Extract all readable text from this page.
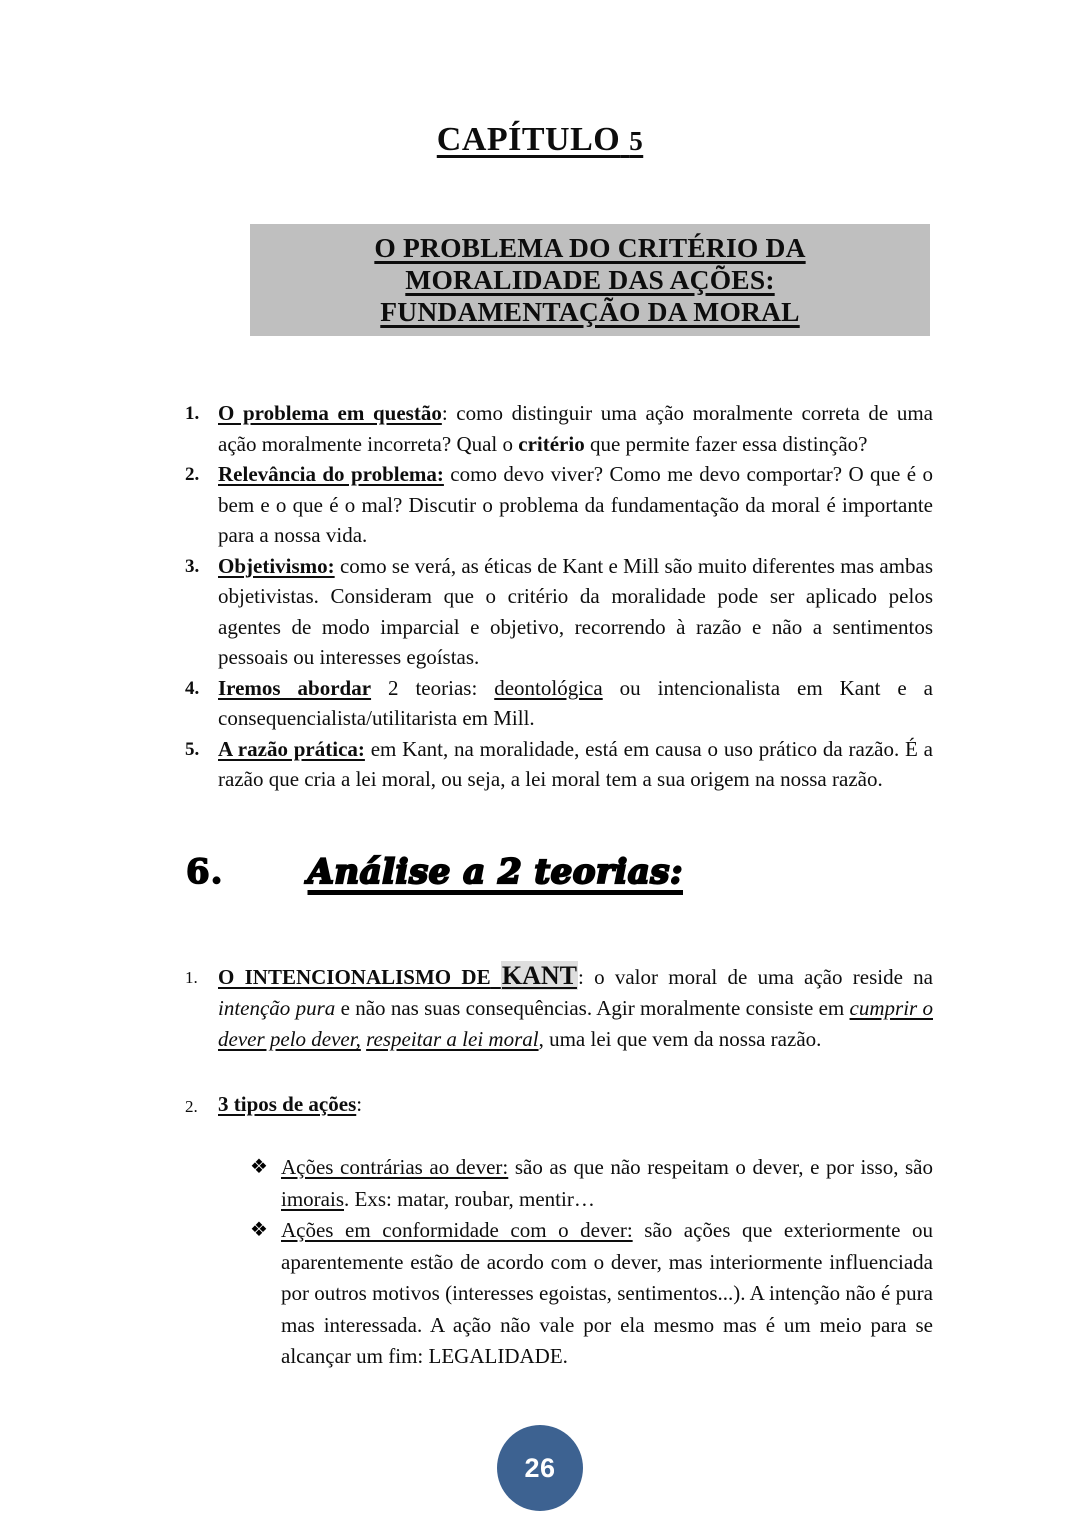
CAPÍTULO 5
O PROBLEMA DO CRITÉRIO DA
MORALIDADE DAS AÇÕES:
FUNDAMENTAÇÃO DA MORAL
1. O problema em questão: como distinguir uma ação moralmente correta de uma ação moralmente incorreta? Qual o critério que permite fazer essa distinção?
2. Relevância do problema: como devo viver? Como me devo comportar? O que é o bem e o que é o mal? Discutir o problema da fundamentação da moral é importante para a nossa vida.
3. Objetivismo: como se verá, as éticas de Kant e Mill são muito diferentes mas ambas objetivistas. Consideram que o critério da moralidade pode ser aplicado pelos agentes de modo imparcial e objetivo, recorrendo à razão e não a sentimentos pessoais ou interesses egoístas.
4. Iremos abordar 2 teorias: deontológica ou intencionalista em Kant e a consequencialista/utilitarista em Mill.
5. A razão prática: em Kant, na moralidade, está em causa o uso prático da razão. É a razão que cria a lei moral, ou seja, a lei moral tem a sua origem na nossa razão.
6. Análise a 2 teorias:
1. O INTENCIONALISMO DE KANT: o valor moral de uma ação reside na intenção pura e não nas suas consequências. Agir moralmente consiste em cumprir o dever pelo dever, respeitar a lei moral, uma lei que vem da nossa razão.
2. 3 tipos de ações:
❖ Ações contrárias ao dever: são as que não respeitam o dever, e por isso, são imorais. Exs: matar, roubar, mentir…
❖ Ações em conformidade com o dever: são ações que exteriormente ou aparentemente estão de acordo com o dever, mas interiormente influenciada por outros motivos (interesses egoistas, sentimentos...). A intenção não é pura mas interessada. A ação não vale por ela mesmo mas é um meio para se alcançar um fim: LEGALIDADE.
26
